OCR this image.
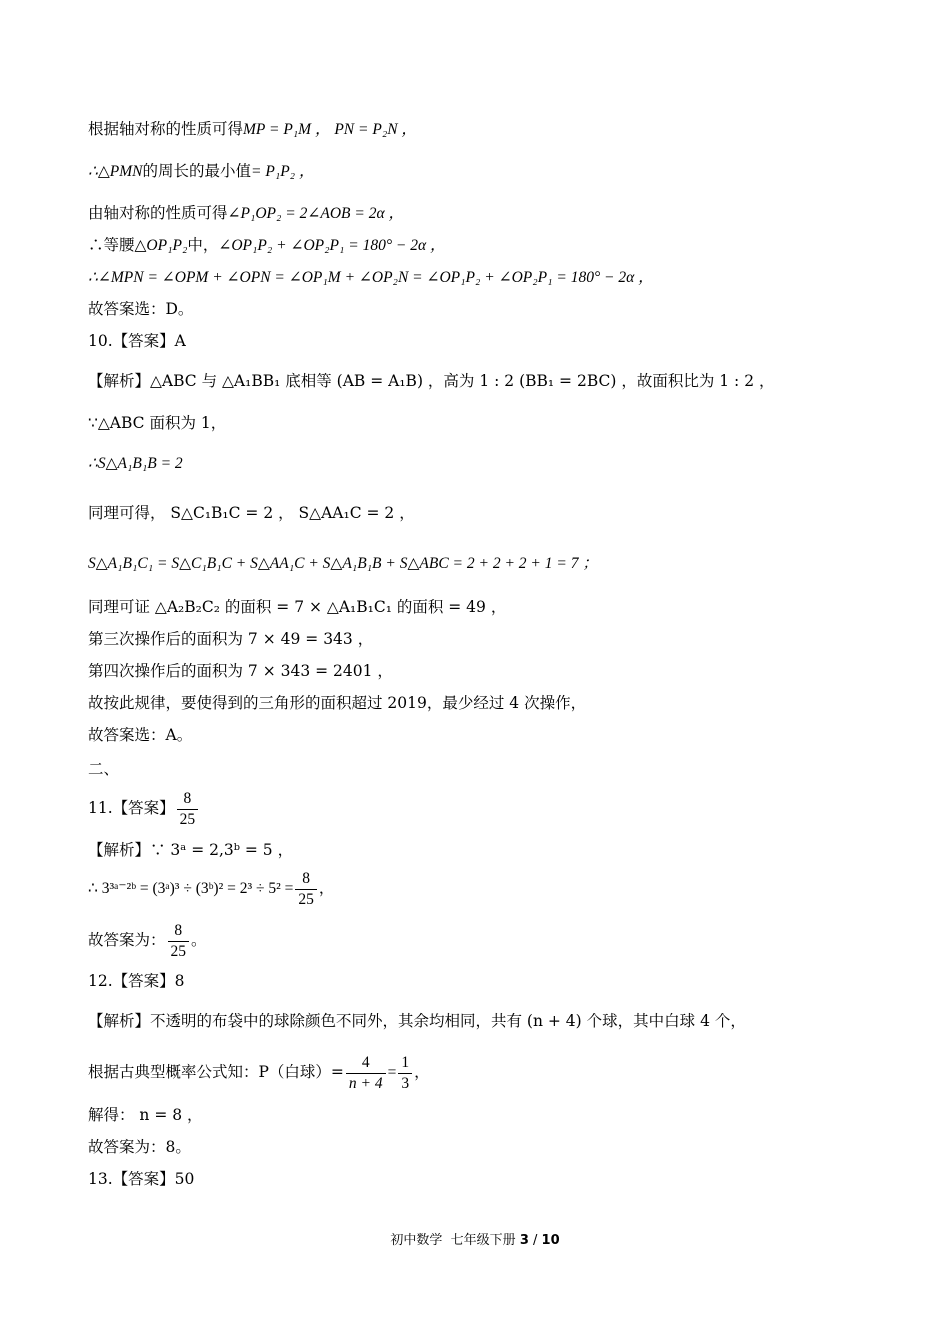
根据轴对称的性质可得MP = P₁M ， PN = P₂N ，
∴△PMN的周长的最小值= P₁P₂ ，
由轴对称的性质可得∠P₁OP₂ = 2∠AOB = 2α ，
∴等腰△OP₁P₂中，∠OP₁P₂ + ∠OP₂P₁ = 180° − 2α ，
∴∠MPN = ∠OPM + ∠OPN = ∠OP₁M + ∠OP₂N = ∠OP₁P₂ + ∠OP₂P₁ = 180° − 2α ，
故答案选：D。
10.【答案】A
【解析】△ABC 与 △A₁BB₁ 底相等 (AB = A₁B) ，高为 1 : 2 (BB₁ = 2BC) ，故面积比为 1 : 2 ，
∵△ABC 面积为 1，
∴S△A₁B₁B = 2
同理可得， S△C₁B₁C = 2 ， S△AA₁C = 2 ，
S△A₁B₁C₁ = S△C₁B₁C + S△AA₁C + S△A₁B₁B + S△ABC = 2 + 2 + 2 + 1 = 7 ；
同理可证 △A₂B₂C₂ 的面积 = 7 × △A₁B₁C₁ 的面积 = 49 ，
第三次操作后的面积为 7 × 49 = 343 ，
第四次操作后的面积为 7 × 343 = 2401 ，
故按此规律，要使得到的三角形的面积超过 2019，最少经过 4 次操作，
故答案选：A。
二、
11.【答案】 $\frac{8}{25}$
【解析】∵ 3ᵃ = 2,3ᵇ = 5 ，
∴ 3³ᵃ⁻²ᵇ = (3ᵃ)³ ÷ (3ᵇ)² = $2^3 \div 5^2 = \frac{8}{25}$ ，
故答案为： $\frac{8}{25}$ 。
12.【答案】8
【解析】不透明的布袋中的球除颜色不同外，其余均相同，共有 (n + 4) 个球，其中白球 4 个，
根据古典型概率公式知：P（白球）= $\frac{4}{n + 4} = \frac{1}{3}$ ，
解得： n = 8 ，
故答案为：8。
13.【答案】50
初中数学 七年级下册 3 / 10
